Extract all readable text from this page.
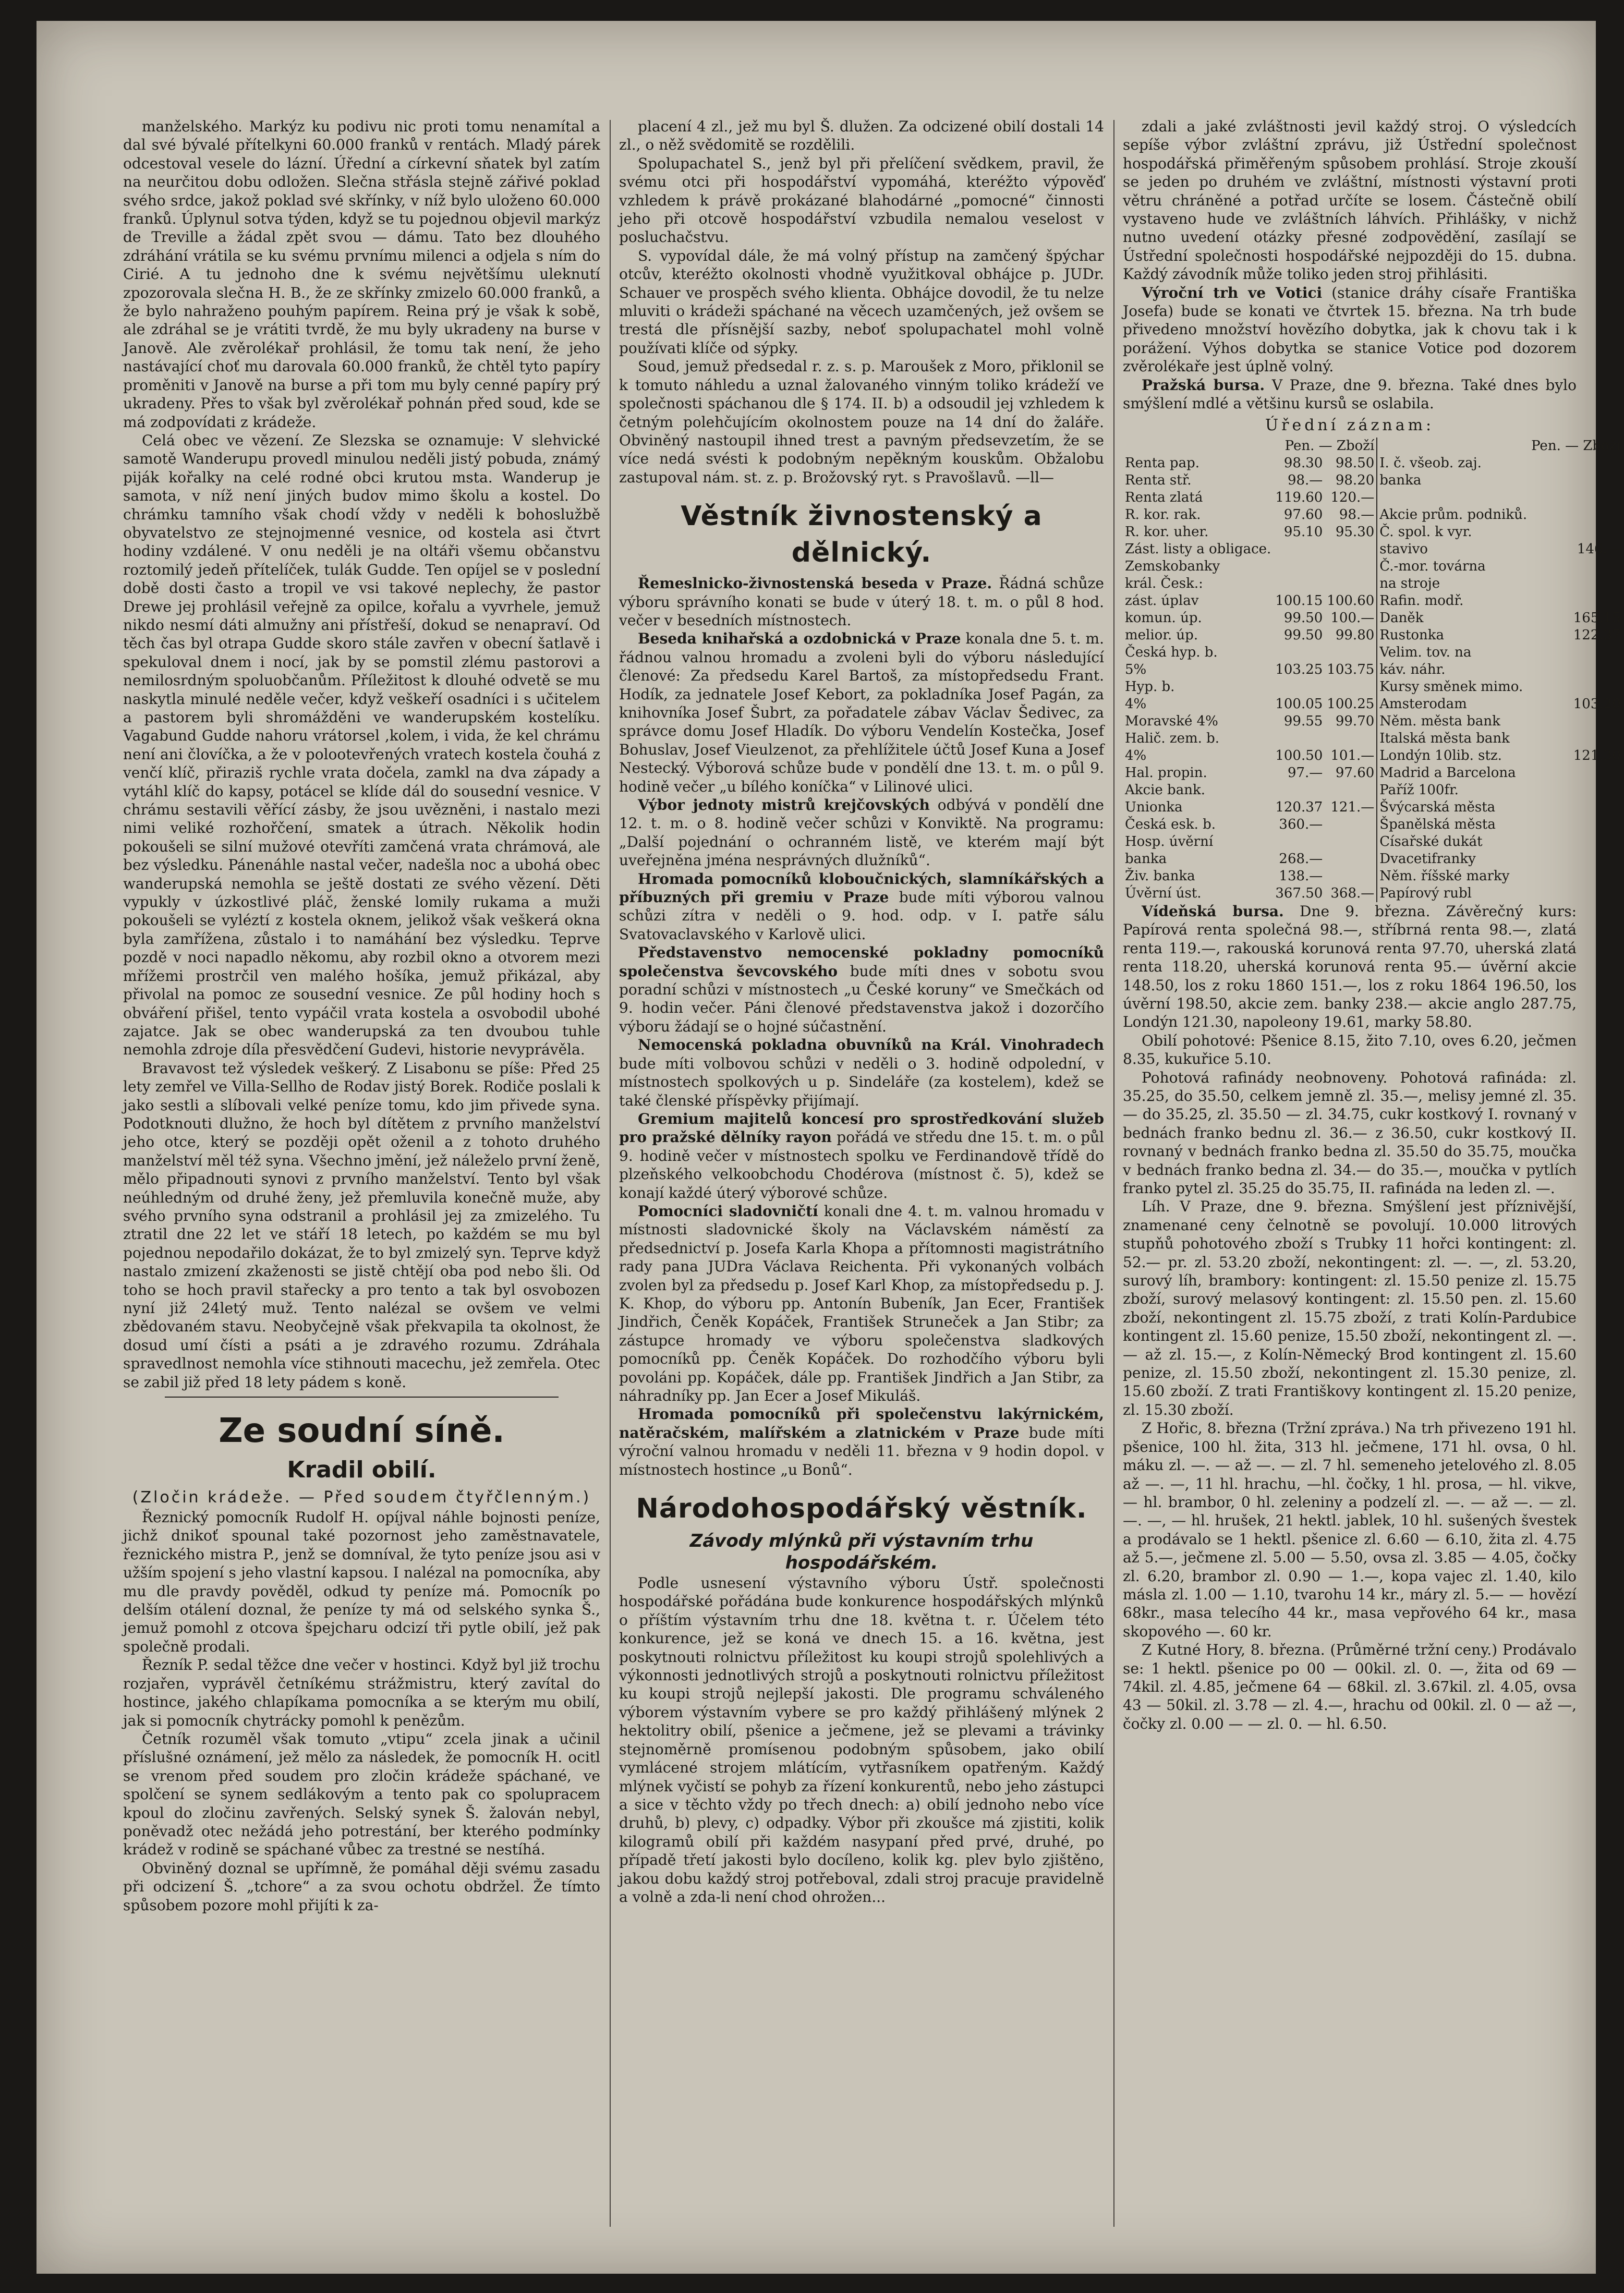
manželského. Markýz ku podivu nic proti tomu nenamítal a dal své bývalé přítelkyni 60.000 franků v rentách. Mladý párek odcestoval vesele do lázní. Úřední a církevní sňatek byl zatím na neurčitou dobu odložen. Slečna střásla stejně zářivé poklad svého srdce, jakož poklad své skřínky, v níž bylo uloženo 60.000 franků. Úplynul sotva týden, když se tu pojednou objevil markýz de Treville a žádal zpět svou — dámu. Tato bez dlouhého zdráhání vrátila se ku svému prvnímu milenci a odjela s ním do Cirié. A tu jednoho dne k svému největšímu uleknutí zpozorovala slečna H. B., že ze skřínky zmizelo 60.000 franků, a že bylo nahraženo pouhým papírem. Reina prý je však k sobě, ale zdráhal se je vrátiti tvrdě, že mu byly ukradeny na burse v Janově. Ale zvěrolékař prohlásil, že tomu tak není, že jeho nastávající choť mu darovala 60.000 franků, že chtěl tyto papíry proměniti v Janově na burse a při tom mu byly cenné papíry prý ukradeny. Přes to však byl zvěrolékař pohnán před soud, kde se má zodpovídati z krádeže.

Celá obec ve vězení. Ze Slezska se oznamuje: V slehvické samotě Wanderupu provedl minulou neděli jistý pobuda, známý piják kořalky na celé rodné obci krutou msta. Wanderup je samota, v níž není jiných budov mimo školu a kostel. Do chrámku tamního však chodí vždy v neděli k bohoslužbě obyvatelstvo ze stejnojmenné vesnice, od kostela asi čtvrt hodiny vzdálené. V onu neděli je na oltáři všemu občanstvu roztomilý jedeň přítelíček, tulák Gudde. Ten opíjel se v poslední době dosti často a tropil ve vsi takové neplechy, že pastor Drewe jej prohlásil veřejně za opilce, kořalu a vyvrhele, jemuž nikdo nesmí dáti almužny ani přístřeší, dokud se nenapraví. Od těch čas byl otrapa Gudde skoro stále zavřen v obecní šatlavě i spekuloval dnem i nocí, jak by se pomstil zlému pastorovi a nemilosrdným spoluobčanům. Příležitost k dlouhé odvetě se mu naskytla minulé neděle večer, když veškeří osadníci i s učitelem a pastorem byli shromážděni ve wanderupském kostelíku. Vagabund Gudde nahoru vrátorsel ,kolem, i vida, že kel chrámu není ani človíčka, a že v polootevřených vratech kostela čouhá z venčí klíč, přiraziš rychle vrata dočela, zamkl na dva západy a vytáhl klíč do kapsy, potácel se klíde dál do sousední vesnice. V chrámu sestavili věřící zásby, že jsou uvězněni, i nastalo mezi nimi veliké rozhořčení, smatek a útrach. Několik hodin pokoušeli se silní mužové otevříti zamčená vrata chrámová, ale bez výsledku. Pánenáhle nastal večer, nadešla noc a ubohá obec wanderupská nemohla se ještě dostati ze svého vězení. Děti vypukly v úzkostlivé pláč, ženské lomily rukama a muži pokoušeli se vyléztí z kostela oknem, jelikož však veškerá okna byla zamřížena, zůstalo i to namáhání bez výsledku. Teprve pozdě v noci napadlo někomu, aby rozbil okno a otvorem mezi mřížemi prostrčil ven malého hošíka, jemuž přikázal, aby přivolal na pomoc ze sousední vesnice. Ze půl hodiny hoch s obváření přišel, tento vypáčil vrata kostela a osvobodil ubohé zajatce. Jak se obec wanderupská za ten dvoubou tuhle nemohla zdroje díla přesvědčení Gudevi, historie nevyprávěla.

Bravavost tež výsledek veškerý. Z Lisabonu se píše: Před 25 lety zemřel ve Villa-Sellho de Rodav jistý Borek. Rodiče poslali k jako sestli a slíbovali velké peníze tomu, kdo jim přivede syna. Podotknouti dlužno, že hoch byl dítětem z prvního manželství jeho otce, který se později opět oženil a z tohoto druhého manželství měl též syna. Všechno jmění, jež náleželo první ženě, mělo připadnouti synovi z prvního manželství. Tento byl však neúhledným od druhé ženy, jež přemluvila konečně muže, aby svého prvního syna odstranil a prohlásil jej za zmizelého. Tu ztratil dne 22 let ve stáří 18 letech, po každém se mu byl pojednou nepodařilo dokázat, že to byl zmizelý syn. Teprve když nastalo zmizení zkaženosti se jistě chtějí oba pod nebo šli. Od toho se hoch pravil stařecky a pro tento a tak byl osvobozen nyní již 24letý muž. Tento nalézal se ovšem ve velmi zbědovaném stavu. Neobyčejně však překvapila ta okolnost, že dosud umí čísti a psáti a je zdravého rozumu. Zdráhala spravedlnost nemohla více stihnouti macechu, jež zemřela. Otec se zabil již před 18 lety pádem s koně.

Ze soudní síně.
Kradil obilí.
(Zločin krádeže. — Před soudem čtyřčlenným.)

Řeznický pomocník Rudolf H. opíjval náhle bojnosti peníze, jichž dnikoť spounal také pozornost jeho zaměstnavatele, řeznického mistra P., jenž se domníval, že tyto peníze jsou asi v užším spojení s jeho vlastní kapsou. I nalézal na pomocníka, aby mu dle pravdy pověděl, odkud ty peníze má. Pomocník po delším otálení doznal, že peníze ty má od selského synka Š., jemuž pomohl z otcova špejcharu odcizí tři pytle obilí, jež pak společně prodali.

Řezník P. sedal těžce dne večer v hostinci. Když byl již trochu rozjařen, vyprávěl četníkému strážmistru, který zavítal do hostince, jakého chlapíkama pomocníka a se kterým mu obilí, jak si pomocník chytrácky pomohl k penězům.

Četník rozuměl však tomuto „vtipu“ zcela jinak a učinil příslušné oznámení, jež mělo za následek, že pomocník H. ocitl se vrenom před soudem pro zločin krádeže spáchané, ve spolčení se synem sedlákovým a tento pak co spolupracem kpoul do zločinu zavřených. Selský synek Š. žalován nebyl, poněvadž otec nežádá jeho potrestání, ber kterého podmínky krádež v rodině se spáchané vůbec za trestné se nestíhá.

Obviněný doznal se upřímně, že pomáhal ději svému zasadu při odcizení Š. „tchore“ a za svou ochotu obdržel. Že tímto spůsobem pozore mohl přijíti k za-

placení 4 zl., jež mu byl Š. dlužen. Za odcizené obilí dostali 14 zl., o něž svědomitě se rozdělili.

Spolupachatel S., jenž byl při přelíčení svědkem, pravil, že svému otci při hospodářství vypomáhá, kteréžto výpověď vzhledem k právě prokázané blahodárné „pomocné“ činnosti jeho při otcově hospodářství vzbudila nemalou veselost v posluchačstvu.

S. vypovídal dále, že má volný přístup na zamčený špýchar otcův, kteréžto okolnosti vhodně využitkoval obhájce p. JUDr. Schauer ve prospěch svého klienta. Obhájce dovodil, že tu nelze mluviti o krádeži spáchané na věcech uzamčených, jež ovšem se trestá dle přísnější sazby, neboť spolupachatel mohl volně používati klíče od sýpky.

Soud, jemuž předsedal r. z. s. p. Maroušek z Moro, přiklonil se k tomuto náhledu a uznal žalovaného vinným toliko krádeží ve společnosti spáchanou dle § 174. II. b) a odsoudil jej vzhledem k četným polehčujícím okolnostem pouze na 14 dní do žaláře. Obviněný nastoupil ihned trest a pavným předsevzetím, že se více nedá svésti k podobným nepěkným kouskům. Obžalobu zastupoval nám. st. z. p. Brožovský ryt. s Pravošlavů. —ll—

Věstník živnostenský a dělnický.

Řemeslnicko-živnostenská beseda v Praze. Řádná schůze výboru správního konati se bude v úterý 18. t. m. o půl 8 hod. večer v besedních místnostech.

Beseda knihařská a ozdobnická v Praze konala dne 5. t. m. řádnou valnou hromadu a zvoleni byli do výboru následující členové: Za předsedu Karel Bartoš, za místopředsedu Frant. Hodík, za jednatele Josef Kebort, za pokladníka Josef Pagán, za knihovníka Josef Šubrt, za pořadatele zábav Václav Šedivec, za správce domu Josef Hladík. Do výboru Vendelín Kostečka, Josef Bohuslav, Josef Vieulzenot, za přehlížitele účtů Josef Kuna a Josef Nestecký. Výborová schůze bude v pondělí dne 13. t. m. o půl 9. hodině večer „u bílého koníčka“ v Lilinové ulici.

Výbor jednoty mistrů krejčovských odbývá v pondělí dne 12. t. m. o 8. hodině večer schůzi v Konviktě. Na programu: „Další pojednání o ochranném listě, ve kterém mají být uveřejněna jména nesprávných dlužníků“.

Hromada pomocníků kloboučnických, slamníkářských a příbuzných při gremiu v Praze bude míti výborou valnou schůzi zítra v neděli o 9. hod. odp. v I. patře sálu Svatovaclavského v Karlově ulici.

Představenstvo nemocenské pokladny pomocníků společenstva ševcovského bude míti dnes v sobotu svou poradní schůzi v místnostech „u České koruny“ ve Smečkách od 9. hodin večer. Páni členové představenstva jakož i dozorčího výboru žádají se o hojné súčastnění.

Nemocenská pokladna obuvníků na Král. Vinohradech bude míti volbovou schůzi v neděli o 3. hodině odpolední, v místnostech spolkových u p. Sindeláře (za kostelem), kdež se také členské příspěvky přijímají.

Gremium majitelů koncesí pro sprostředkování služeb pro pražské dělníky rayon pořádá ve středu dne 15. t. m. o půl 9. hodině večer v místnostech spolku ve Ferdinandově třídě do plzeňského velkoobchodu Chodérova (místnost č. 5), kdež se konají každé úterý výborové schůze.

Pomocníci sladovničtí konali dne 4. t. m. valnou hromadu v místnosti sladovnické školy na Václavském náměstí za předsednictví p. Josefa Karla Khopa a přítomnosti magistrátního rady pana JUDra Václava Reichenta. Při vykonaných volbách zvolen byl za předsedu p. Josef Karl Khop, za místopředsedu p. J. K. Khop, do výboru pp. Antonín Bubeník, Jan Ecer, František Jindřich, Čeněk Kopáček, František Struneček a Jan Stibr; za zástupce hromady ve výboru společenstva sladkových pomocníků pp. Čeněk Kopáček. Do rozhodčího výboru byli povoláni pp. Kopáček, dále pp. František Jindřich a Jan Stibr, za náhradníky pp. Jan Ecer a Josef Mikuláš.

Hromada pomocníků při společenstvu lakýrnickém, natěračském, malířském a zlatnickém v Praze bude míti výroční valnou hromadu v neděli 11. března v 9 hodin dopol. v místnostech hostince „u Bonů“.

Národohospodářský věstník.
Závody mlýnků při výstavním trhu hospodářském.

Podle usnesení výstavního výboru Ústř. společnosti hospodářské pořádána bude konkurence hospodářských mlýnků o příštím výstavním trhu dne 18. května t. r. Účelem této konkurence, jež se koná ve dnech 15. a 16. května, jest poskytnouti rolnictvu příležitost ku koupi strojů spolehlivých a výkonnosti jednotlivých strojů a poskytnouti rolnictvu příležitost ku koupi strojů nejlepší jakosti. Dle programu schváleného výborem výstavním vybere se pro každý přihlášený mlýnek 2 hektolitry obilí, pšenice a ječmene, jež se plevami a trávinky stejnoměrně promísenou podobným spůsobem, jako obilí vymlácené strojem mlátícím, vytřasníkem opatřeným. Každý mlýnek vyčistí se pohyb za řízení konkurentů, nebo jeho zástupci a sice v těchto vždy po třech dnech: a) obilí jednoho nebo více druhů, b) plevy, c) odpadky. Výbor při zkoušce má zjistiti, kolik kilogramů obilí při každém nasypaní před prvé, druhé, po případě třetí jakosti bylo docíleno, kolik kg. plev bylo zjištěno, jakou dobu každý stroj potřeboval, zdali stroj pracuje pravidelně a volně a zda-li není chod ohrožen...

zdali a jaké zvláštnosti jevil každý stroj. O výsledcích sepíše výbor zvláštní zprávu, již Ústřední společnost hospodářská přiměřeným spůsobem prohlásí. Stroje zkouší se jeden po druhém ve zvláštní, místnosti výstavní proti větru chráněné a potřad určíte se losem. Částečně obilí vystaveno hude ve zvláštních láhvích. Přihlášky, v nichž nutno uvedení otázky přesné zodpovědění, zasílají se Ústřední společnosti hospodářské nejpozději do 15. dubna. Každý závodník může toliko jeden stroj přihlásiti.

Výroční trh ve Votici (stanice dráhy císaře Františka Josefa) bude se konati ve čtvrtek 15. března. Na trh bude přivedeno množství hovězího dobytka, jak k chovu tak i k porážení. Výhos dobytka se stanice Votice pod dozorem zvěrolékaře jest úplně volný.

Pražská bursa. V Praze, dne 9. března. Také dnes bylo smýšlení mdlé a většinu kursů se oslabila.

Úřední záznam:
	Pen. — Zboží			Pen. — Zboží
Renta pap.	98.30	98.50	I. č. všeob. zaj.	
Renta stř.	98.—	98.20	banka	
Renta zlatá	119.60	120.—		
R. kor. rak.	97.60	98.—	Akcie prům. podniků.	
R. kor. uher.	95.10	95.30	Č. spol. k vyr.	
Zást. listy a obligace.			stavivo	146.—
Zemskobanky			Č.-mor. továrna	
král. Česk.:			na stroje	
zást. úplav	100.15	100.60	Rafin. modř.	
komun. úp.	99.50	100.—	Daněk	165.15
melior. úp.	99.50	99.80	Rustonka	122.37
Česká hyp. b.			Velim. tov. na	
5%	103.25	103.75	káv. náhr.	
Hyp. b.			Kursy směnek mimo.	
4%	100.05	100.25	Amsterodam	103.20
Moravské 4%	99.55	99.70	Něm. města bank	
Halič. zem. b.			Italská města bank	
4%	100.50	101.—	Londýn 10lib. stz.	121.30
Hal. propin.	97.—	97.60	Madrid a Barcelona	
Akcie bank.			Paříž 100fr.	
Unionka	120.37	121.—	Švýcarská města	
Česká esk. b.	360.—		Španělská města	
Hosp. úvěrní			Císařské dukát	
banka	268.—		Dvacetifranky	
Živ. banka	138.—		Něm. říšské marky	
Úvěrní úst.	367.50	368.—	Papírový rubl	

Vídeňská bursa. Dne 9. března. Závěrečný kurs: Papírová renta společná 98.—, stříbrná renta 98.—, zlatá renta 119.—, rakouská korunová renta 97.70, uherská zlatá renta 118.20, uherská korunová renta 95.— úvěrní akcie 148.50, los z roku 1860 151.—, los z roku 1864 196.50, los úvěrní 198.50, akcie zem. banky 238.— akcie anglo 287.75, Londýn 121.30, napoleony 19.61, marky 58.80.

Obilí pohotové: Pšenice 8.15, žito 7.10, oves 6.20, ječmen 8.35, kukuřice 5.10.

Pohotová rafinády neobnoveny. Pohotová rafináda: zl. 35.25, do 35.50, celkem jemně zl. 35.—, melisy jemné zl. 35.— do 35.25, zl. 35.50 — zl. 34.75, cukr kostkový I. rovnaný v bednách franko bednu zl. 36.— z 36.50, cukr kostkový II. rovnaný v bednách franko bedna zl. 35.50 do 35.75, moučka v bednách franko bedna zl. 34.— do 35.—, moučka v pytlích franko pytel zl. 35.25 do 35.75, II. rafináda na leden zl. —.

Líh. V Praze, dne 9. března. Smýšlení jest příznivější, znamenané ceny čelnotně se povolují. 10.000 litrových stupňů pohotového zboží s Trubky 11 hořci kontingent: zl. 52.— pr. zl. 53.20 zboží, nekontingent: zl. —. —, zl. 53.20, surový líh, brambory: kontingent: zl. 15.50 penize zl. 15.75 zboží, surový melasový kontingent: zl. 15.50 pen. zl. 15.60 zboží, nekontingent zl. 15.75 zboží, z trati Kolín-Pardubice kontingent zl. 15.60 penize, 15.50 zboží, nekontingent zl. —. — až zl. 15.—, z Kolín-Německý Brod kontingent zl. 15.60 penize, zl. 15.50 zboží, nekontingent zl. 15.30 penize, zl. 15.60 zboží. Z trati Františkovy kontingent zl. 15.20 penize, zl. 15.30 zboží.

Z Hořic, 8. března (Tržní zpráva.) Na trh přivezeno 191 hl. pšenice, 100 hl. žita, 313 hl. ječmene, 171 hl. ovsa, 0 hl. máku zl. —. — až —. — zl. 7 hl. semeneho jetelového zl. 8.05 až —. —, 11 hl. hrachu, —hl. čočky, 1 hl. prosa, — hl. vikve, — hl. brambor, 0 hl. zeleniny a podzelí zl. —. — až —. — zl. —. —, — hl. hrušek, 21 hektl. jablek, 10 hl. sušených švestek a prodávalo se 1 hektl. pšenice zl. 6.60 — 6.10, žita zl. 4.75 až 5.—, ječmene zl. 5.00 — 5.50, ovsa zl. 3.85 — 4.05, čočky zl. 6.20, brambor zl. 0.90 — 1.—, kopa vajec zl. 1.40, kilo másla zl. 1.00 — 1.10, tvarohu 14 kr., máry zl. 5.— — hovězí 68kr., masa telecího 44 kr., masa vepřového 64 kr., masa skopového —. 60 kr.

Z Kutné Hory, 8. března. (Průměrné tržní ceny.) Prodávalo se: 1 hektl. pšenice po 00 — 00kil. zl. 0. —, žita od 69 — 74kil. zl. 4.85, ječmene 64 — 68kil. zl. 3.67kil. zl. 4.05, ovsa 43 — 50kil. zl. 3.78 — zl. 4.—, hrachu od 00kil. zl. 0 — až —, čočky zl. 0.00 — — zl. 0. — hl. 6.50.
